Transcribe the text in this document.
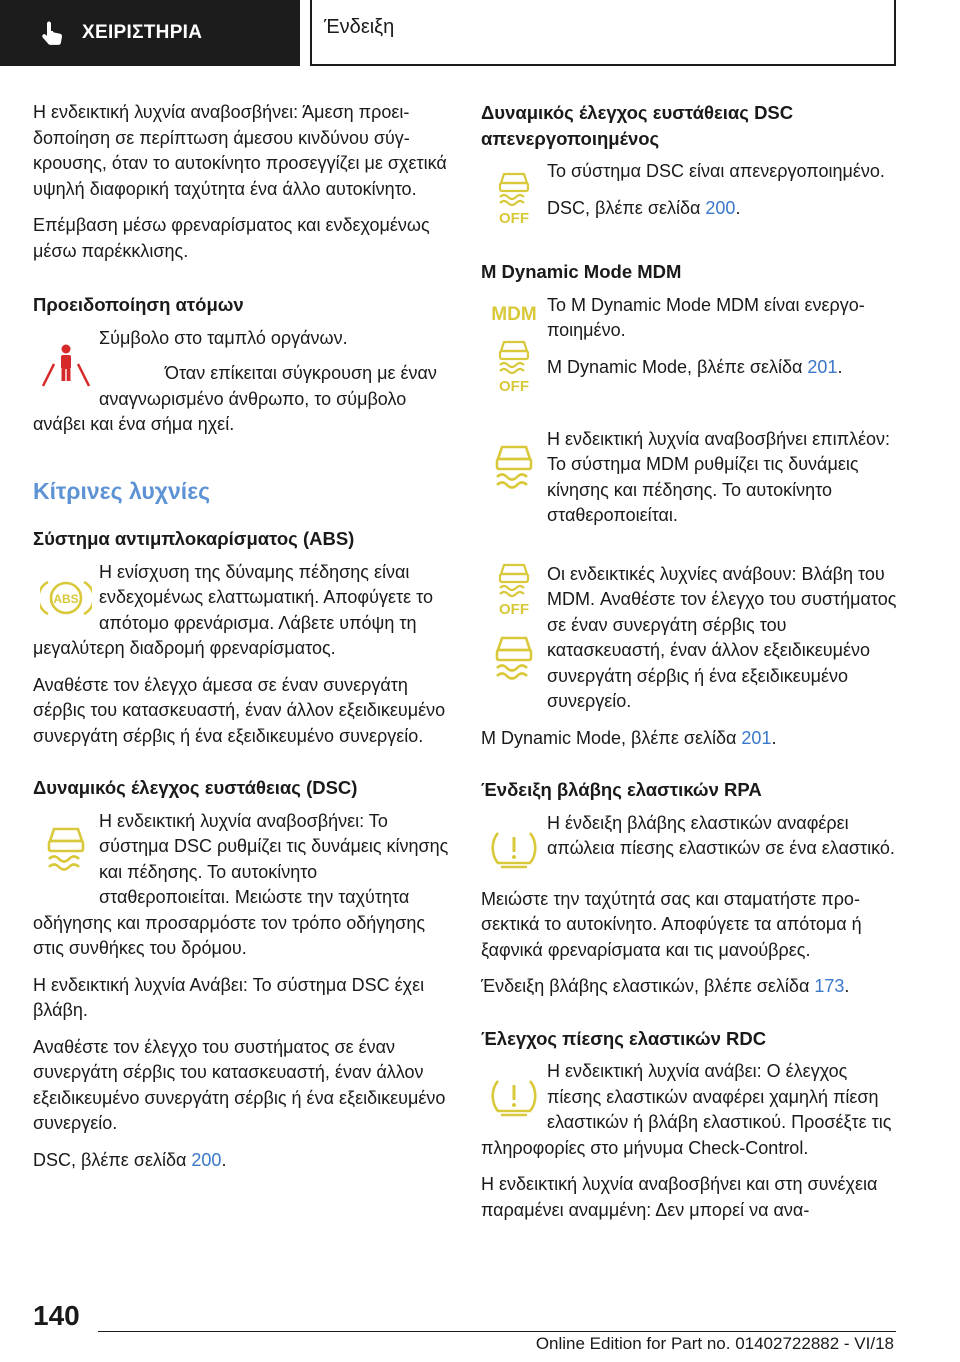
ΧΕΙΡΙΣΤΗΡΙΑ	Ένδειξη

Η ενδεικτική λυχνία αναβοσβήνει: Άμεση προειδοποίηση σε περίπτωση άμεσου κινδύνου σύγκρουσης, όταν το αυτοκίνητο προσεγγίζει με σχετικά υψηλή διαφορική ταχύτητα ένα άλλο αυτοκίνητο.

Επέμβαση μέσω φρεναρίσματος και ενδεχομένως μέσω παρέκκλισης.

Προειδοποίηση ατόμων

Σύμβολο στο ταμπλό οργάνων.

Όταν επίκειται σύγκρουση με έναν αναγνωρισμένο άνθρωπο, το σύμβολο ανάβει και ένα σήμα ηχεί.

Κίτρινες λυχνίες
Σύστημα αντιμπλοκαρίσματος (ABS)
ABS

Η ενίσχυση της δύναμης πέδησης είναι ενδεχομένως ελαττωματική. Αποφύγετε το απότομο φρενάρισμα. Λάβετε υπόψη τη μεγαλύτερη διαδρομή φρεναρίσματος.

Αναθέστε τον έλεγχο άμεσα σε έναν συνεργάτη σέρβις του κατασκευαστή, έναν άλλον εξειδικευμένο συνεργάτη σέρβις ή ένα εξειδικευμένο συνεργείο.

Δυναμικός έλεγχος ευστάθειας (DSC)

Η ενδεικτική λυχνία αναβοσβήνει: Το σύστημα DSC ρυθμίζει τις δυνάμεις κίνησης και πέδησης. Το αυτοκίνητο σταθεροποιείται. Μειώστε την ταχύτητα οδήγησης και προσαρμόστε τον τρόπο οδήγησης στις συνθήκες του δρόμου.

Η ενδεικτική λυχνία Ανάβει: Το σύστημα DSC έχει βλάβη.

Αναθέστε τον έλεγχο του συστήματος σε έναν συνεργάτη σέρβις του κατασκευαστή, έναν άλλον εξειδικευμένο συνεργάτη σέρβις ή ένα εξειδικευμένο συνεργείο.

DSC, βλέπε σελίδα 200.

Δυναμικός έλεγχος ευστάθειας DSC απενεργοποιημένος
OFF

Το σύστημα DSC είναι απενεργοποιημένο.

DSC, βλέπε σελίδα 200.

M Dynamic Mode MDM
MDM
OFF

Το M Dynamic Mode MDM είναι ενεργοποιημένο.

M Dynamic Mode, βλέπε σελίδα 201.

Η ενδεικτική λυχνία αναβοσβήνει επιπλέον: Το σύστημα MDM ρυθμίζει τις δυνάμεις κίνησης και πέδησης. Το αυτοκίνητο σταθεροποιείται.

OFF

Οι ενδεικτικές λυχνίες ανάβουν: Βλάβη του MDM. Αναθέστε τον έλεγχο του συστήματος σε έναν συνεργάτη σέρβις του κατασκευαστή, έναν άλλον εξειδικευμένο συνεργάτη σέρβις ή ένα εξειδικευμένο συνεργείο.

M Dynamic Mode, βλέπε σελίδα 201.

Ένδειξη βλάβης ελαστικών RPA

Η ένδειξη βλάβης ελαστικών αναφέρει απώλεια πίεσης ελαστικών σε ένα ελαστικό.

Μειώστε την ταχύτητά σας και σταματήστε προσεκτικά το αυτοκίνητο. Αποφύγετε τα απότομα ή ξαφνικά φρεναρίσματα και τις μανούβρες.

Ένδειξη βλάβης ελαστικών, βλέπε σελίδα 173.

Έλεγχος πίεσης ελαστικών RDC

Η ενδεικτική λυχνία ανάβει: Ο έλεγχος πίεσης ελαστικών αναφέρει χαμηλή πίεση ελαστικών ή βλάβη ελαστικού. Προσέξτε τις πληροφορίες στο μήνυμα Check-Control.

Η ενδεικτική λυχνία αναβοσβήνει και στη συνέχεια παραμένει αναμμένη: Δεν μπορεί να ανα-

140
Online Edition for Part no. 01402722882 - VI/18
